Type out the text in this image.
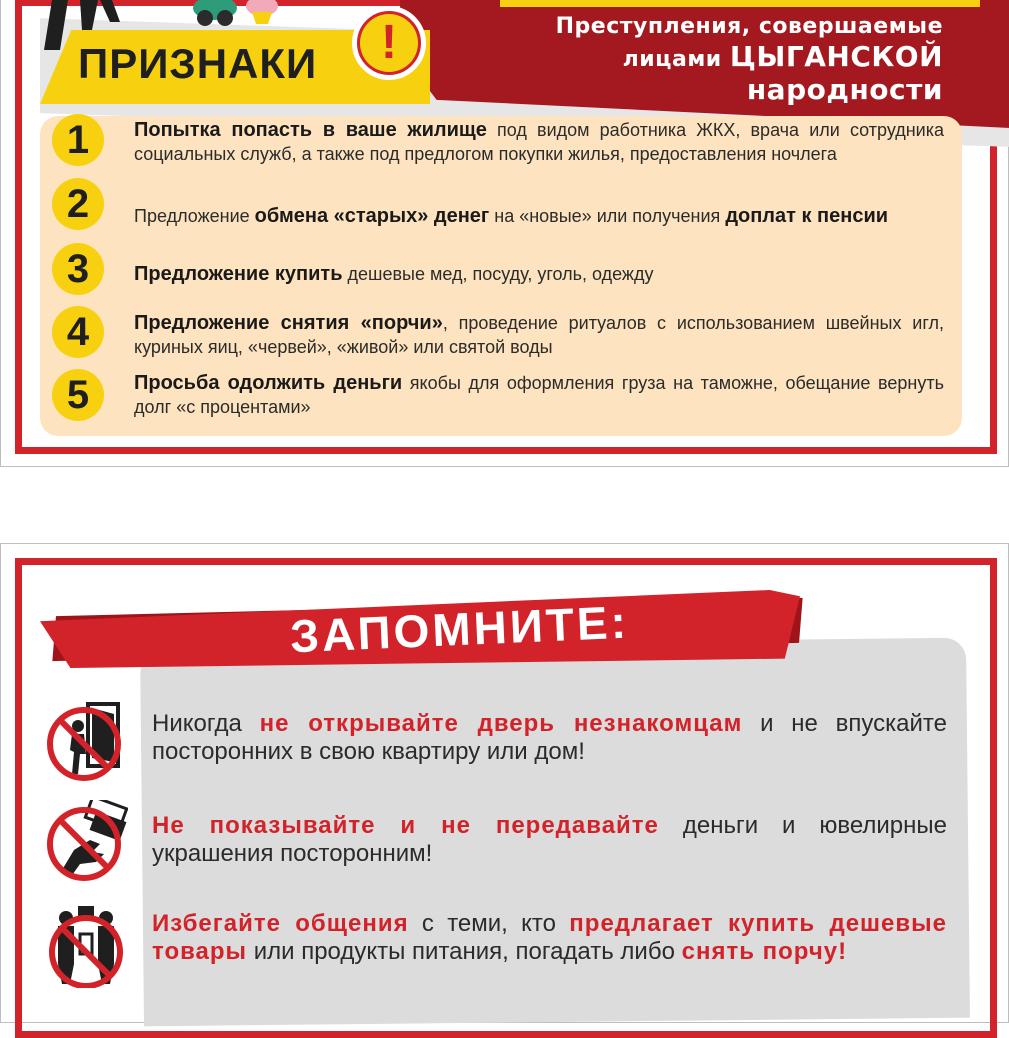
Преступления, совершаемые
лицами ЦЫГАНСКОЙ
народности
ПРИЗНАКИ	!
1	Попытка попасть в ваше жилище под видом работника ЖКХ, врача или сотрудника социальных служб, а также под предлогом покупки жилья, предоставления ночлега
2	Предложение обмена «старых» денег на «новые» или получения доплат к пенсии
3	Предложение купить дешевые мед, посуду, уголь, одежду
4	Предложение снятия «порчи», проведение ритуалов с использованием швейных игл, куриных яиц, «червей», «живой» или святой воды
5	Просьба одолжить деньги якобы для оформления груза на таможне, обещание вернуть долг «с процентами»
ЗАПОМНИТЕ:
Никогда не открывайте дверь незнакомцам и не впускайте посторонних в свою квартиру или дом!
Не показывайте и не передавайте деньги и ювелирные украшения посторонним!
Избегайте общения с теми, кто предлагает купить дешевые товары или продукты питания, погадать либо снять порчу!
